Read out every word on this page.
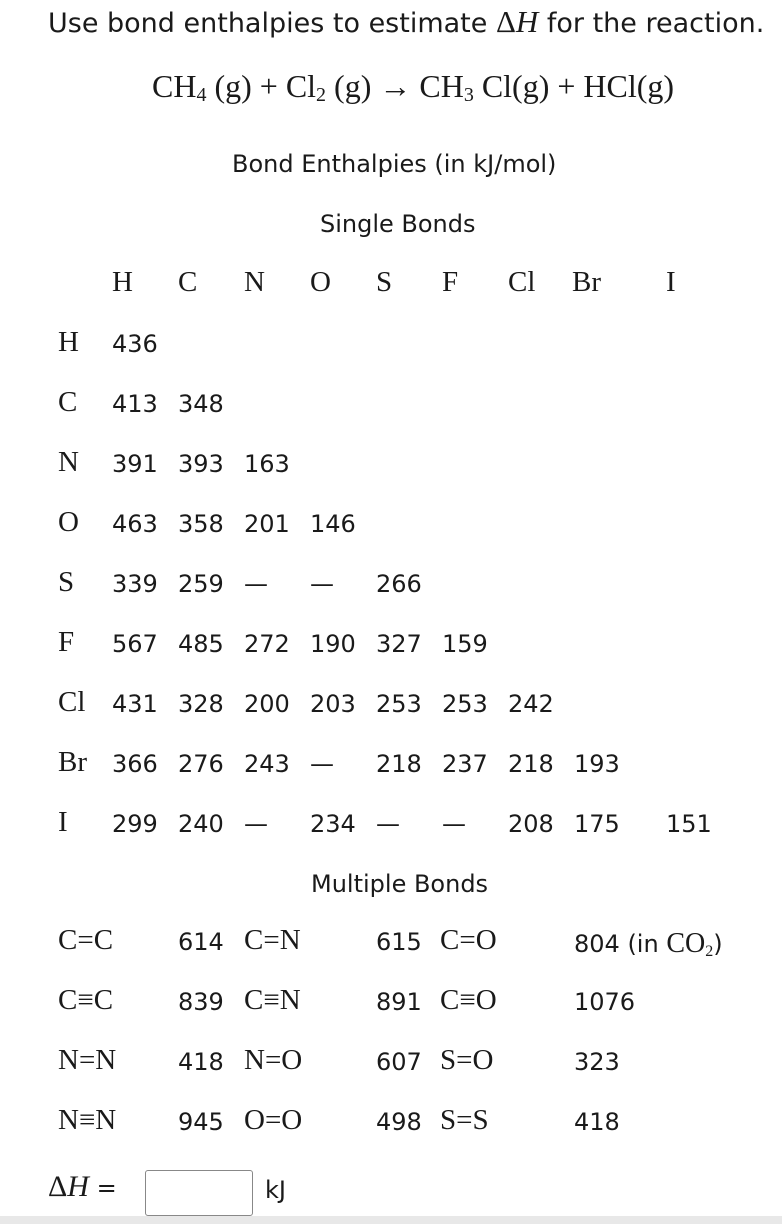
Use bond enthalpies to estimate ΔH for the reaction.
$CH_4$ $(g) + Cl_2$ $(g) \to CH_3$ Cl(g) + HCl(g)
Bond Enthalpies (in kJ/mol)
Single Bonds
H C N O S F Cl Br I
H 436
C 413 348
N 391 393 163
O 463 358 201 146
S 339 259 — — 266
F 567 485 272 190 327 159
Cl 431 328 200 203 253 253 242
Br 366 276 243 — 218 237 218 193
I 299 240 — 234 — — 208 175 151
Multiple Bonds
C=C	614 C=N	615 C=O	804 (in $CO_2$)
C≡C	839 C≡N	891 C≡O	1076
N=N	418 N=O	607 S=O	323
N≡N	945 O=O	498 S=S	418
ΔH =	kJ
